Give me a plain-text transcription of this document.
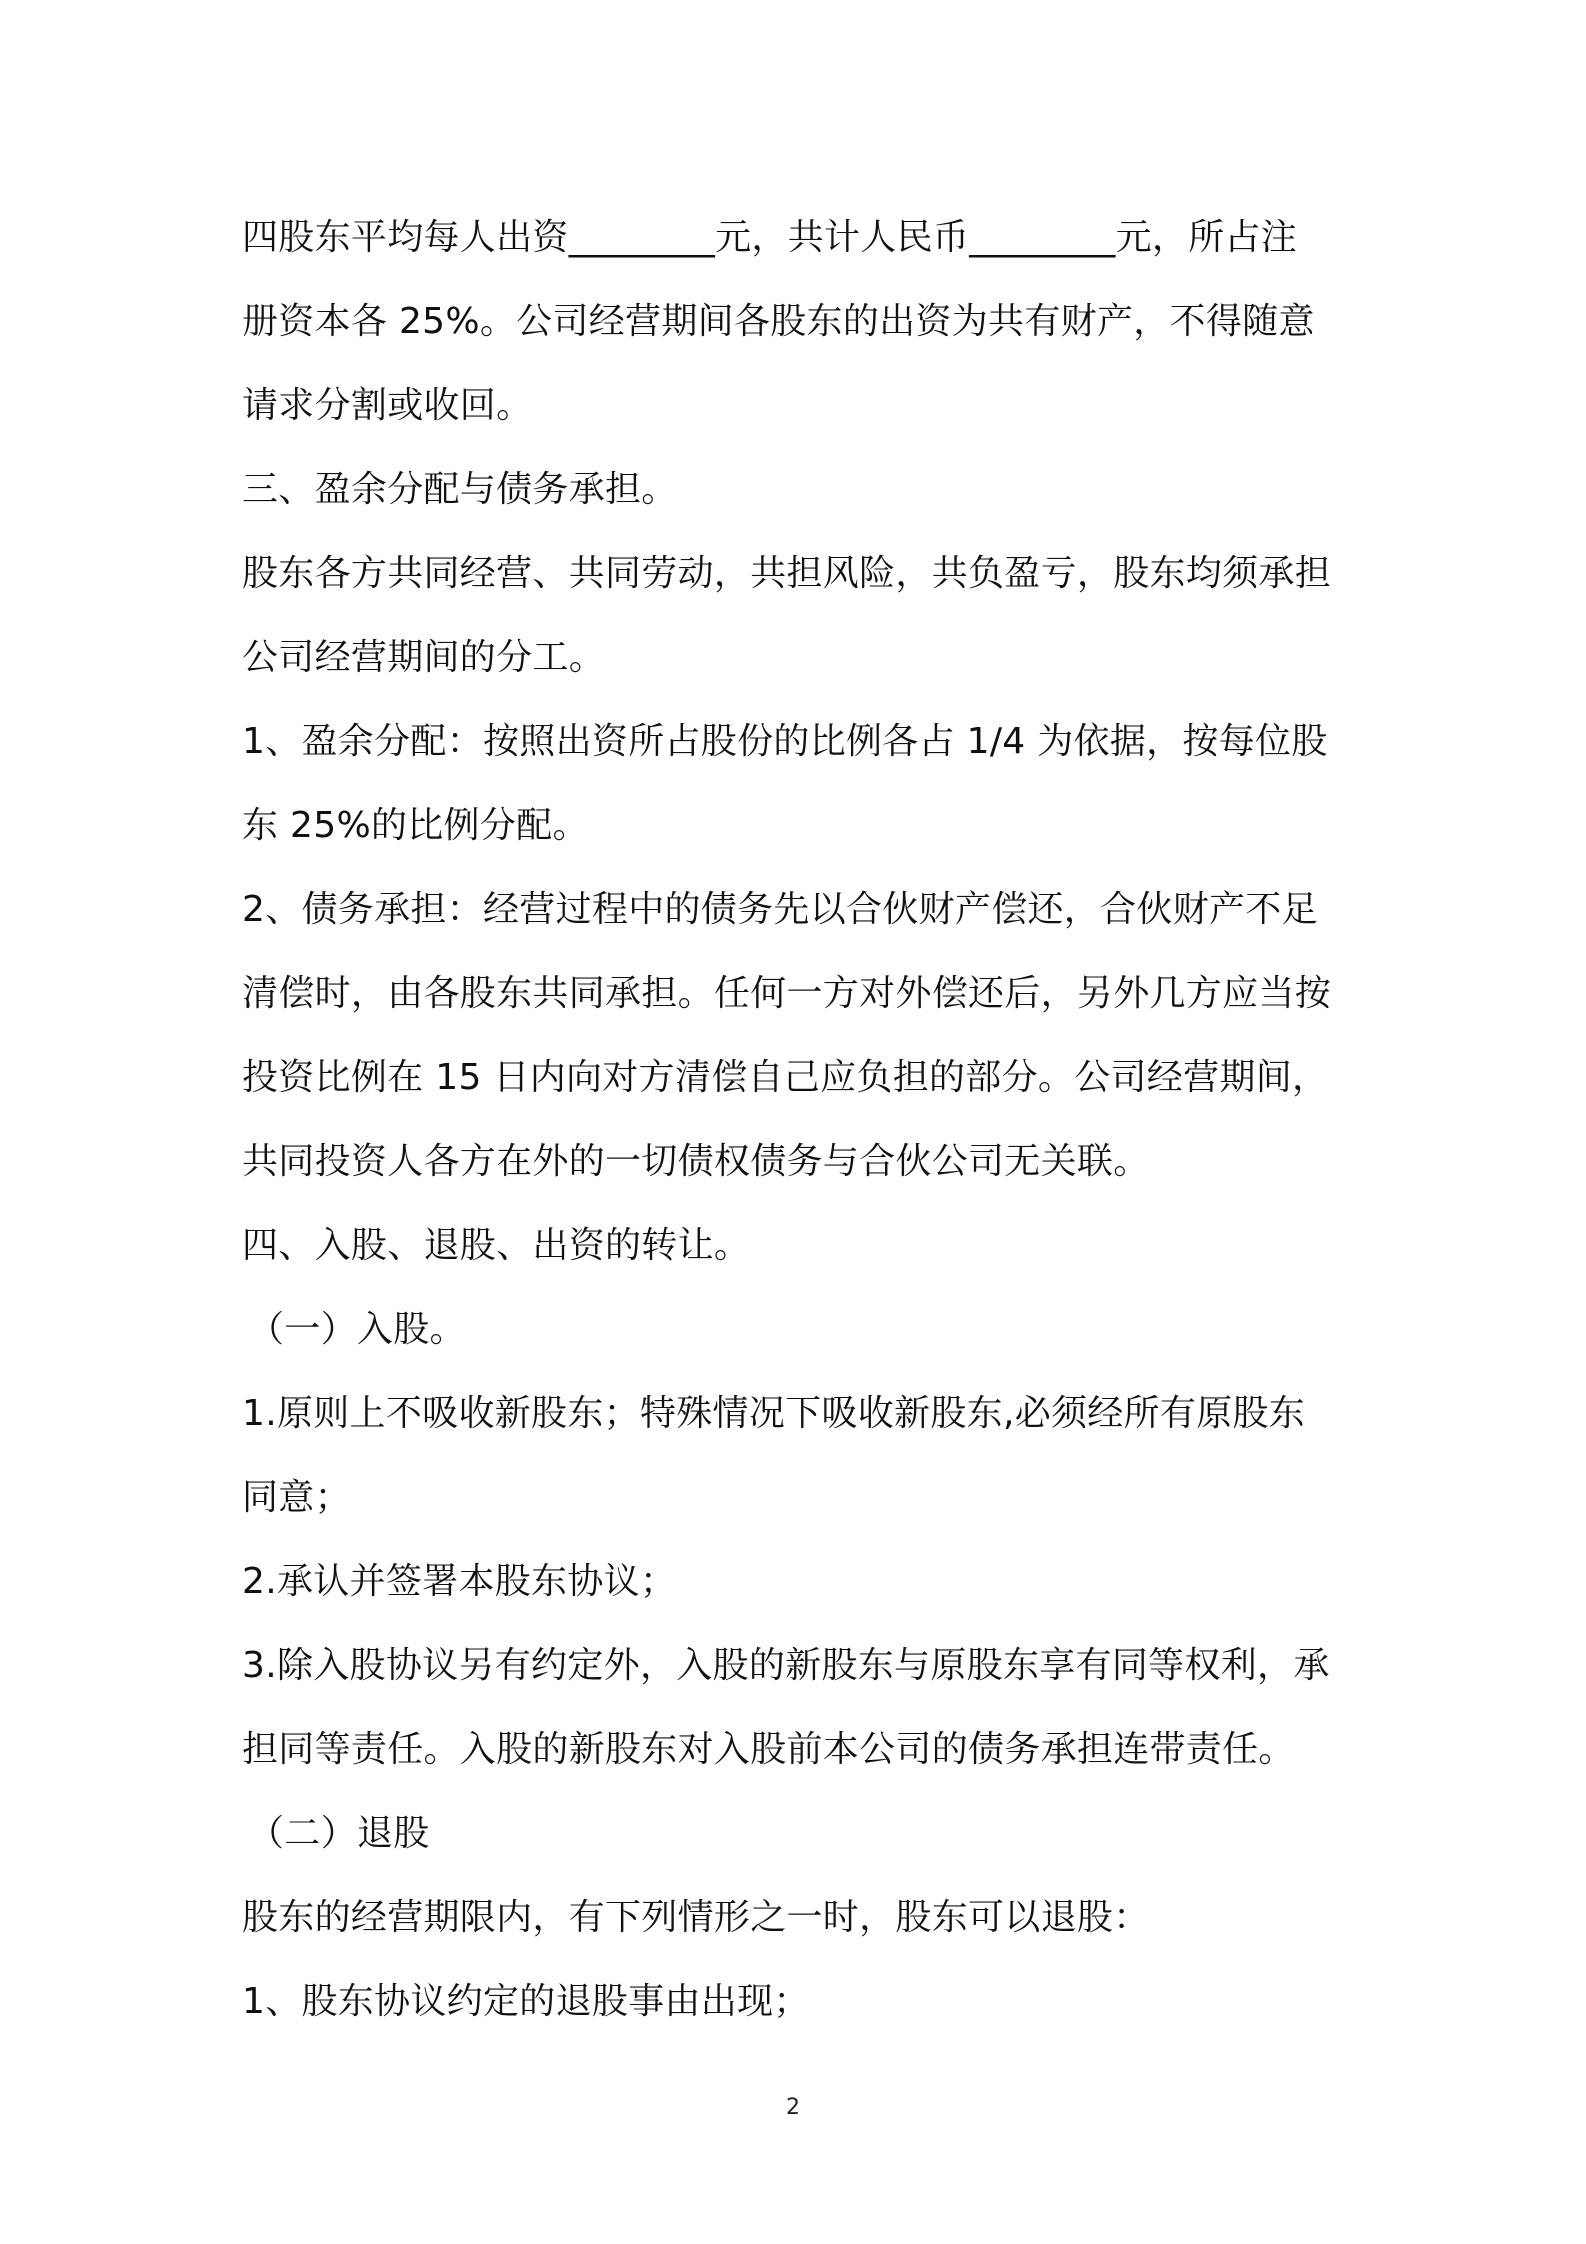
四股东平均每人出资________元，共计人民币________元，所占注
册资本各 25%。公司经营期间各股东的出资为共有财产，不得随意
请求分割或收回。
三、盈余分配与债务承担。
股东各方共同经营、共同劳动，共担风险，共负盈亏，股东均须承担
公司经营期间的分工。
1、盈余分配：按照出资所占股份的比例各占 1/4 为依据，按每位股
东 25%的比例分配。
2、债务承担：经营过程中的债务先以合伙财产偿还，合伙财产不足
清偿时，由各股东共同承担。任何一方对外偿还后，另外几方应当按
投资比例在 15 日内向对方清偿自己应负担的部分。公司经营期间，
共同投资人各方在外的一切债权债务与合伙公司无关联。
四、入股、退股、出资的转让。
（一）入股。
1.原则上不吸收新股东；特殊情况下吸收新股东,必须经所有原股东
同意；
2.承认并签署本股东协议；
3.除入股协议另有约定外，入股的新股东与原股东享有同等权利，承
担同等责任。入股的新股东对入股前本公司的债务承担连带责任。
（二）退股
股东的经营期限内，有下列情形之一时，股东可以退股：
1、股东协议约定的退股事由出现；
2
